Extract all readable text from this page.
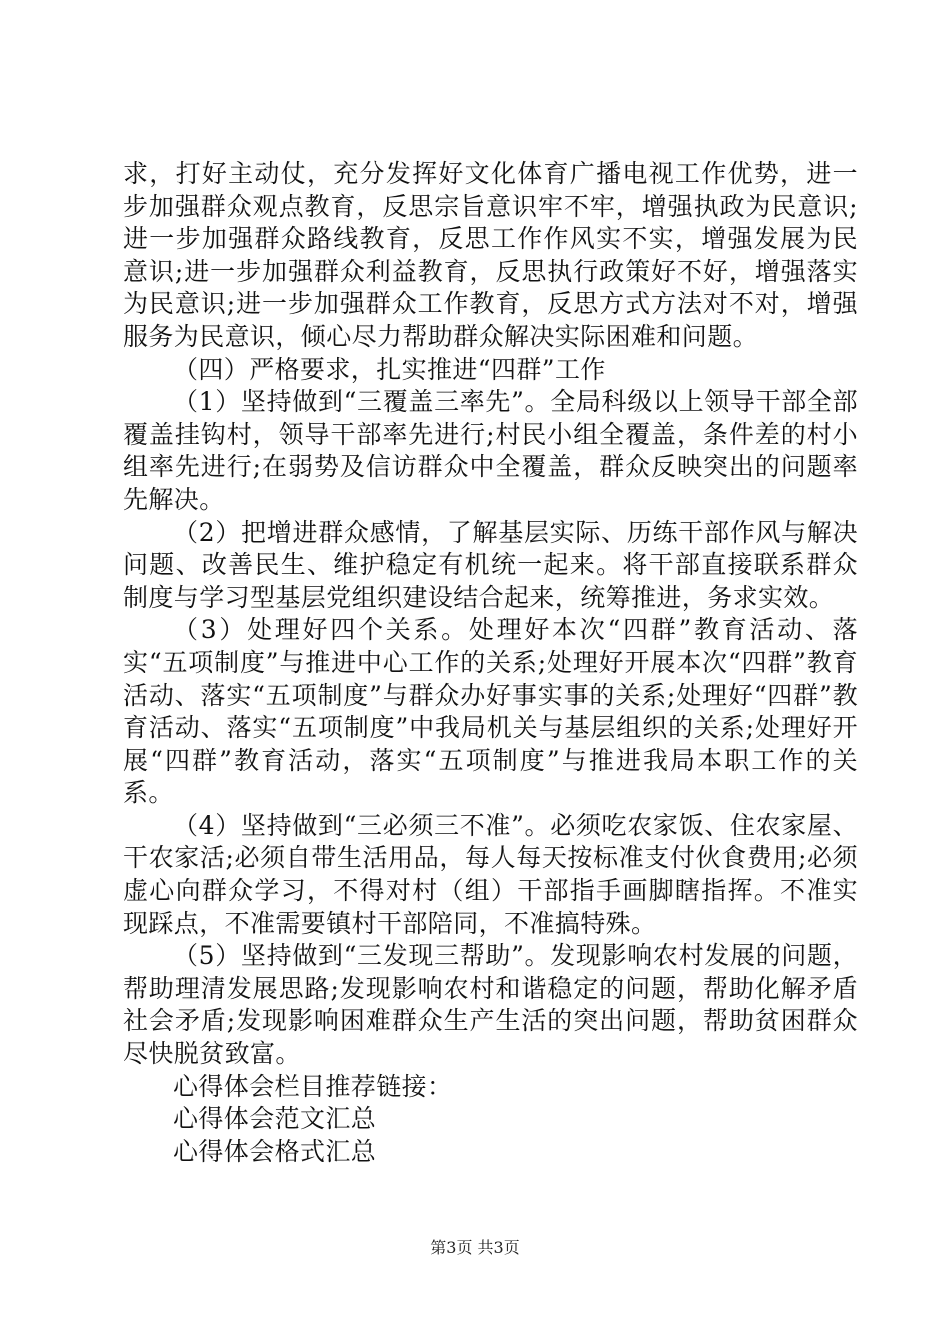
求，打好主动仗，充分发挥好文化体育广播电视工作优势，进一步加强群众观点教育，反思宗旨意识牢不牢，增强执政为民意识;进一步加强群众路线教育，反思工作作风实不实，增强发展为民意识;进一步加强群众利益教育，反思执行政策好不好，增强落实为民意识;进一步加强群众工作教育，反思方式方法对不对，增强服务为民意识，倾心尽力帮助群众解决实际困难和问题。

（四）严格要求，扎实推进“四群”工作

（1）坚持做到“三覆盖三率先”。全局科级以上领导干部全部覆盖挂钩村，领导干部率先进行;村民小组全覆盖，条件差的村小组率先进行;在弱势及信访群众中全覆盖，群众反映突出的问题率先解决。

（2）把增进群众感情，了解基层实际、历练干部作风与解决问题、改善民生、维护稳定有机统一起来。将干部直接联系群众制度与学习型基层党组织建设结合起来，统筹推进，务求实效。

（3）处理好四个关系。处理好本次“四群”教育活动、落实“五项制度”与推进中心工作的关系;处理好开展本次“四群”教育活动、落实“五项制度”与群众办好事实事的关系;处理好“四群”教育活动、落实“五项制度”中我局机关与基层组织的关系;处理好开展“四群”教育活动，落实“五项制度”与推进我局本职工作的关系。

（4）坚持做到“三必须三不准”。必须吃农家饭、住农家屋、干农家活;必须自带生活用品，每人每天按标准支付伙食费用;必须虚心向群众学习，不得对村（组）干部指手画脚瞎指挥。不准实现踩点，不准需要镇村干部陪同，不准搞特殊。

（5）坚持做到“三发现三帮助”。发现影响农村发展的问题，帮助理清发展思路;发现影响农村和谐稳定的问题，帮助化解矛盾社会矛盾;发现影响困难群众生产生活的突出问题，帮助贫困群众尽快脱贫致富。

心得体会栏目推荐链接：
心得体会范文汇总
心得体会格式汇总
第3页 共3页
